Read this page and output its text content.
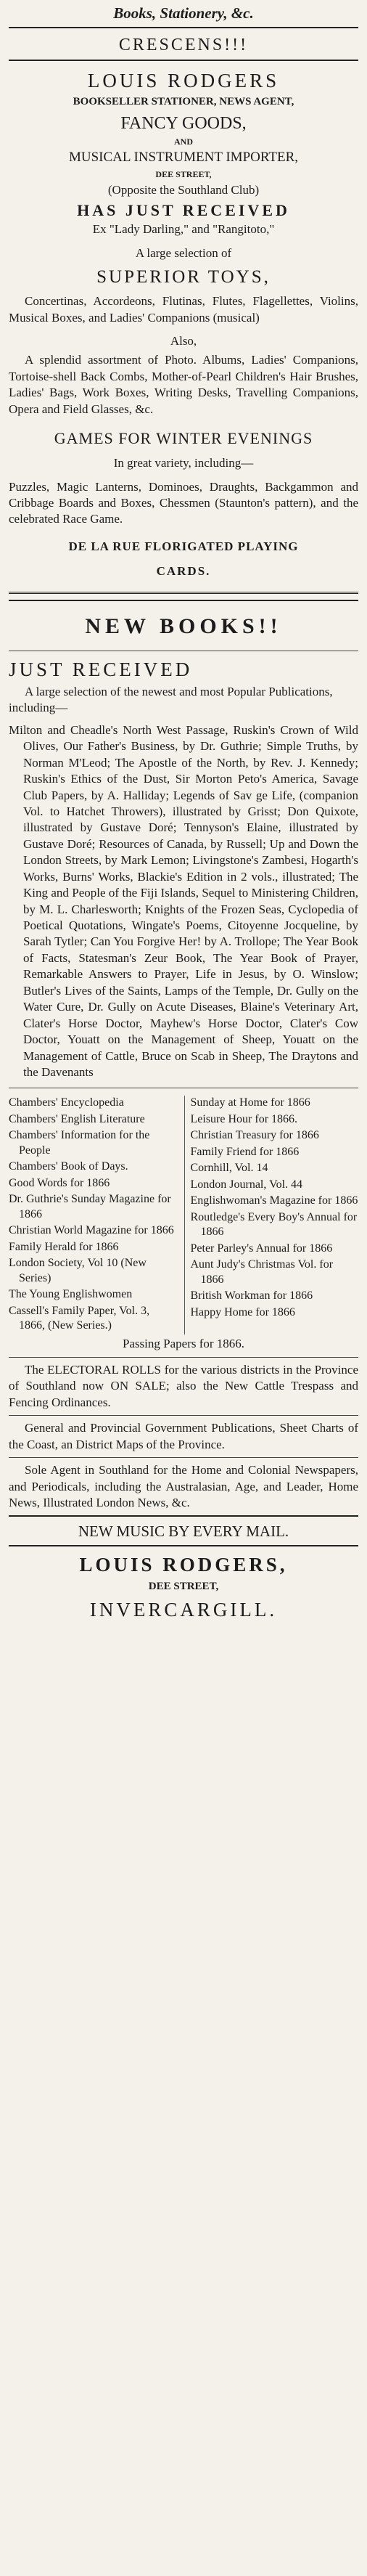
Books, Stationery, &c.
CRESCENS!!!
LOUIS RODGERS
BOOKSELLER STATIONER, NEWS AGENT,
FANCY GOODS,
AND
MUSICAL INSTRUMENT IMPORTER,
DEE STREET,
(Opposite the Southland Club)
HAS JUST RECEIVED
Ex "Lady Darling," and "Rangitoto,"
A large selection of
SUPERIOR TOYS,

Concertinas, Accordeons, Flutinas, Flutes, Flagellettes, Violins, Musical Boxes, and Ladies' Companions (musical)

Also,

A splendid assortment of Photo. Albums, Ladies' Companions, Tortoise-shell Back Combs, Mother-of-Pearl Children's Hair Brushes, Ladies' Bags, Work Boxes, Writing Desks, Travelling Companions, Opera and Field Glasses, &c.

GAMES FOR WINTER EVENINGS
In great variety, including—

Puzzles, Magic Lanterns, Dominoes, Draughts, Backgammon and Cribbage Boards and Boxes, Chessmen (Staunton's pattern), and the celebrated Race Game.

DE LA RUE FLORIGATED PLAYING
CARDS.
NEW BOOKS!!
JUST RECEIVED

A large selection of the newest and most Popular Publications, including—

Milton and Cheadle's North West Passage, Ruskin's Crown of Wild Olives, Our Father's Business, by Dr. Guthrie; Simple Truths, by Norman M'Leod; The Apostle of the North, by Rev. J. Kennedy; Ruskin's Ethics of the Dust, Sir Morton Peto's America, Savage Club Papers, by A. Halliday; Legends of Sav ge Life, (companion Vol. to Hatchet Throwers), illustrated by Grisst; Don Quixote, illustrated by Gustave Doré; Tennyson's Elaine, illustrated by Gustave Doré; Resources of Canada, by Russell; Up and Down the London Streets, by Mark Lemon; Livingstone's Zambesi, Hogarth's Works, Burns' Works, Blackie's Edition in 2 vols., illustrated; The King and People of the Fiji Islands, Sequel to Ministering Children, by M. L. Charlesworth; Knights of the Frozen Seas, Cyclopedia of Poetical Quotations, Wingate's Poems, Citoyenne Jocqueline, by Sarah Tytler; Can You Forgive Her! by A. Trollope; The Year Book of Facts, Statesman's Zeur Book, The Year Book of Prayer, Remarkable Answers to Prayer, Life in Jesus, by O. Winslow; Butler's Lives of the Saints, Lamps of the Temple, Dr. Gully on the Water Cure, Dr. Gully on Acute Diseases, Blaine's Veterinary Art, Clater's Horse Doctor, Mayhew's Horse Doctor, Clater's Cow Doctor, Youatt on the Management of Sheep, Youatt on the Management of Cattle, Bruce on Scab in Sheep, The Draytons and the Davenants

Chambers' Encyclopedia
Chambers' English Literature
Chambers' Information for the People
Chambers' Book of Days.
Good Words for 1866
Dr. Guthrie's Sunday Magazine for 1866
Christian World Magazine for 1866
Family Herald for 1866
London Society, Vol 10 (New Series)
The Young Englishwomen
Cassell's Family Paper, Vol. 3, 1866, (New Series.)
Sunday at Home for 1866
Leisure Hour for 1866.
Christian Treasury for 1866
Family Friend for 1866
Cornhill, Vol. 14
London Journal, Vol. 44
Englishwoman's Magazine for 1866
Routledge's Every Boy's Annual for 1866
Peter Parley's Annual for 1866
Aunt Judy's Christmas Vol. for 1866
British Workman for 1866
Happy Home for 1866
Passing Papers for 1866.

The ELECTORAL ROLLS for the various districts in the Province of Southland now ON SALE; also the New Cattle Trespass and Fencing Ordinances.

General and Provincial Government Publications, Sheet Charts of the Coast, an District Maps of the Province.

Sole Agent in Southland for the Home and Colonial Newspapers, and Periodicals, including the Australasian, Age, and Leader, Home News, Illustrated London News, &c.

NEW MUSIC BY EVERY MAIL.
LOUIS RODGERS,
DEE STREET,
INVERCARGILL.
